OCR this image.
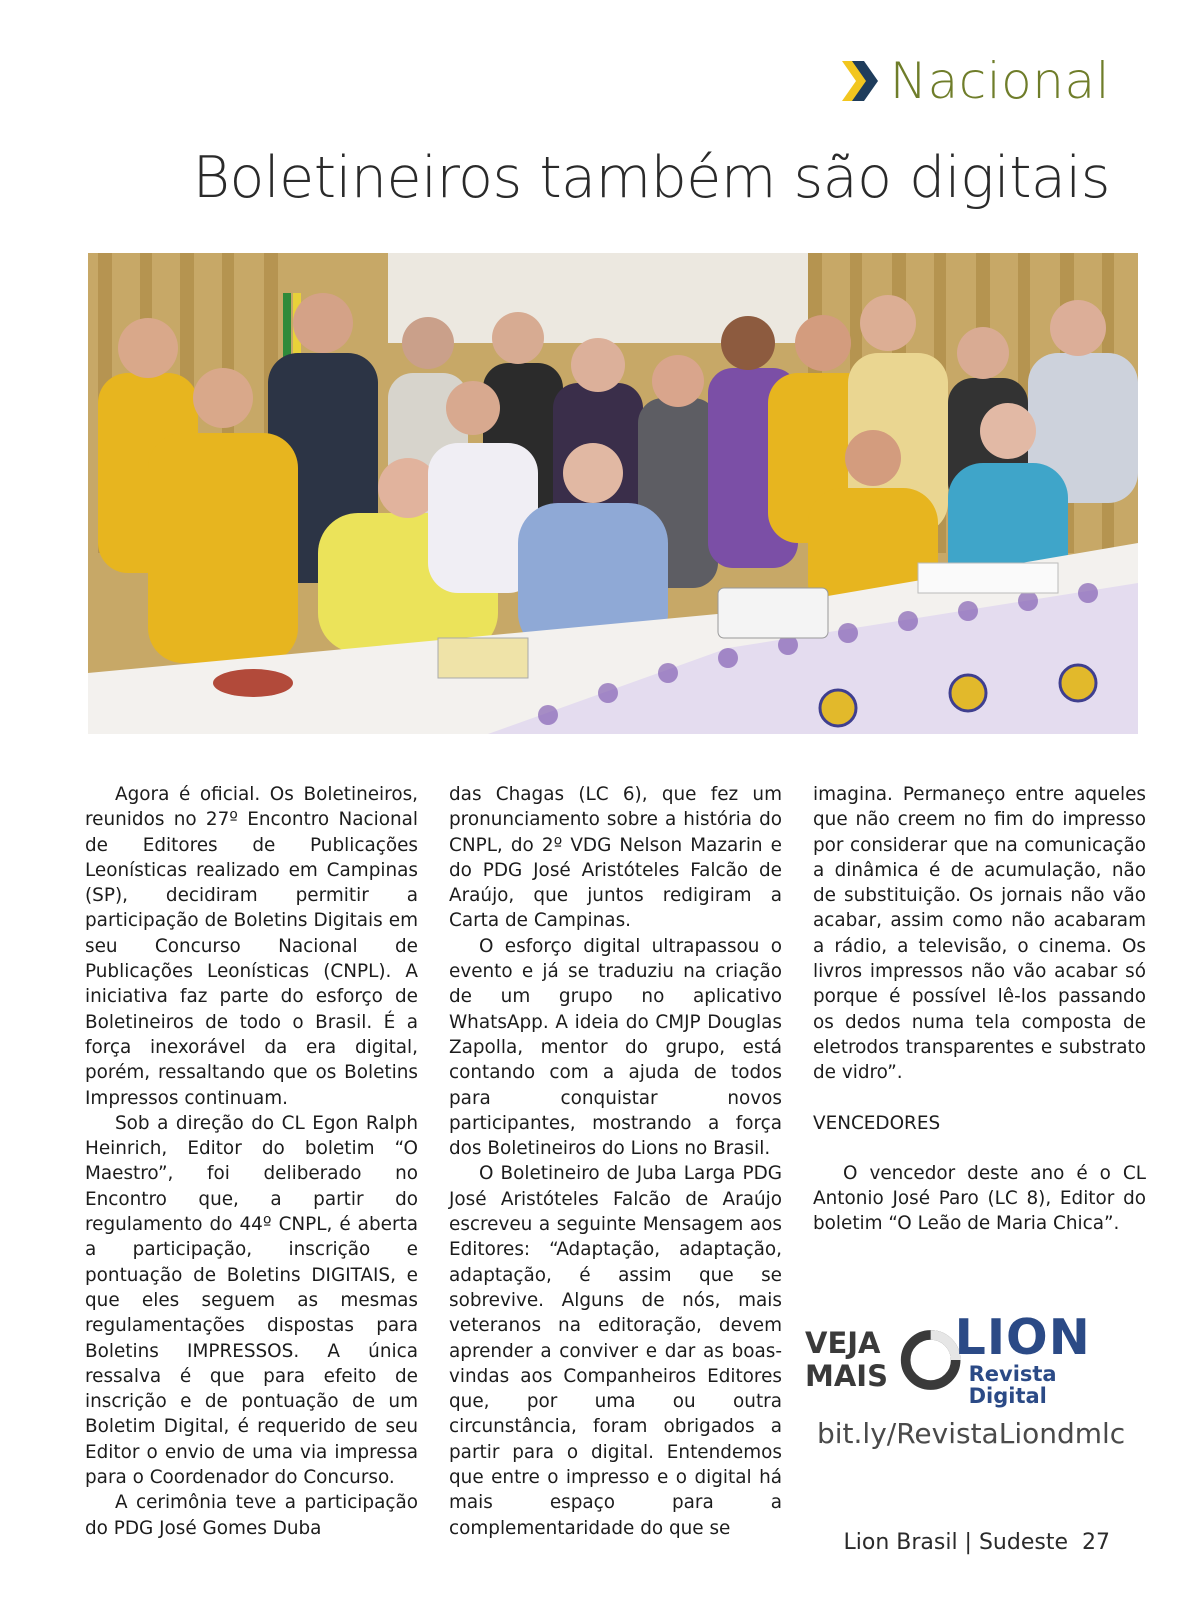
Nacional
Boletineiros também são digitais

Agora é oficial. Os Boletineiros, reunidos no 27º Encontro Nacional de Editores de Publicações Leonísticas realizado em Campinas (SP), decidiram permitir a participação de Boletins Digitais em seu Concurso Nacional de Publicações Leonísticas (CNPL). A iniciativa faz parte do esforço de Boletineiros de todo o Brasil. É a força inexorável da era digital, porém, ressaltando que os Boletins Impressos continuam.

Sob a direção do CL Egon Ralph Heinrich, Editor do boletim “O Maestro”, foi deliberado no Encontro que, a partir do regulamento do 44º CNPL, é aberta a participação, inscrição e pontuação de Boletins DIGITAIS, e que eles seguem as mesmas regulamentações dispostas para Boletins IMPRESSOS. A única ressalva é que para efeito de inscrição e de pontuação de um Boletim Digital, é requerido de seu Editor o envio de uma via impressa para o Coordenador do Concurso.

A cerimônia teve a participação do PDG José Gomes Duba

das Chagas (LC 6), que fez um pronunciamento sobre a história do CNPL, do 2º VDG Nelson Mazarin e do PDG José Aristóteles Falcão de Araújo, que juntos redigiram a Carta de Campinas.

O esforço digital ultrapassou o evento e já se traduziu na criação de um grupo no aplicativo WhatsApp. A ideia do CMJP Douglas Zapolla, mentor do grupo, está contando com a ajuda de todos para conquistar novos participantes, mostrando a força dos Boletineiros do Lions no Brasil.

O Boletineiro de Juba Larga PDG José Aristóteles Falcão de Araújo escreveu a seguinte Mensagem aos Editores: “Adaptação, adaptação, adaptação, é assim que se sobrevive. Alguns de nós, mais veteranos na editoração, devem aprender a conviver e dar as boas-vindas aos Companheiros Editores que, por uma ou outra circunstância, foram obrigados a partir para o digital. Entendemos que entre o impresso e o digital há mais espaço para a complementaridade do que se

imagina. Permaneço entre aqueles que não creem no fim do impresso por considerar que na comunicação a dinâmica é de acumulação, não de substituição. Os jornais não vão acabar, assim como não acabaram a rádio, a televisão, o cinema. Os livros impressos não vão acabar só porque é possível lê-los passando os dedos numa tela composta de eletrodos transparentes e substrato de vidro”.

VENCEDORES

O vencedor deste ano é o CL Antonio José Paro (LC 8), Editor do boletim “O Leão de Maria Chica”.

VEJA
MAIS
LION
Revista Digital
bit.ly/RevistaLiondmlc
Lion Brasil | Sudeste 27
